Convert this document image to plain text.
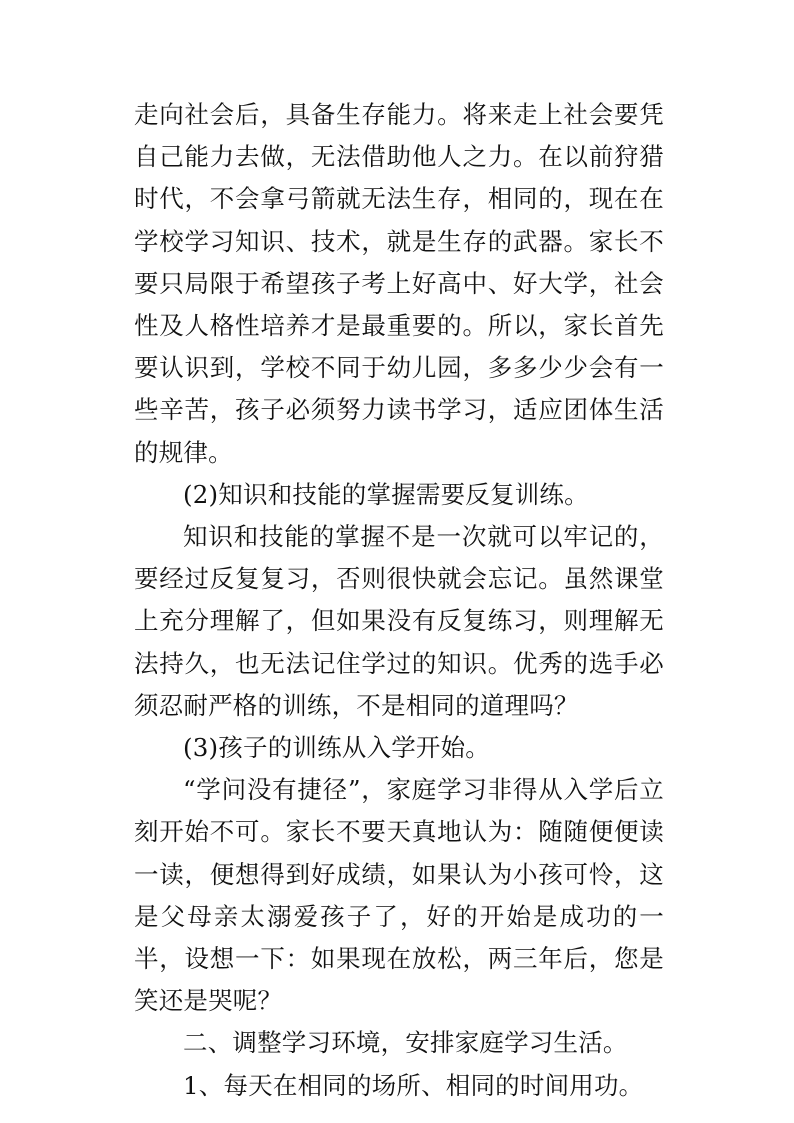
走向社会后，具备生存能力。将来走上社会要凭自己能力去做，无法借助他人之力。在以前狩猎时代，不会拿弓箭就无法生存，相同的，现在在学校学习知识、技术，就是生存的武器。家长不要只局限于希望孩子考上好高中、好大学，社会性及人格性培养才是最重要的。所以，家长首先要认识到，学校不同于幼儿园，多多少少会有一些辛苦，孩子必须努力读书学习，适应团体生活的规律。

(2)知识和技能的掌握需要反复训练。

知识和技能的掌握不是一次就可以牢记的，要经过反复复习，否则很快就会忘记。虽然课堂上充分理解了，但如果没有反复练习，则理解无法持久，也无法记住学过的知识。优秀的选手必须忍耐严格的训练，不是相同的道理吗？

(3)孩子的训练从入学开始。

“学问没有捷径”，家庭学习非得从入学后立刻开始不可。家长不要天真地认为：随随便便读一读，便想得到好成绩，如果认为小孩可怜，这是父母亲太溺爱孩子了，好的开始是成功的一半，设想一下：如果现在放松，两三年后，您是笑还是哭呢？

二、调整学习环境，安排家庭学习生活。

1、每天在相同的场所、相同的时间用功。
